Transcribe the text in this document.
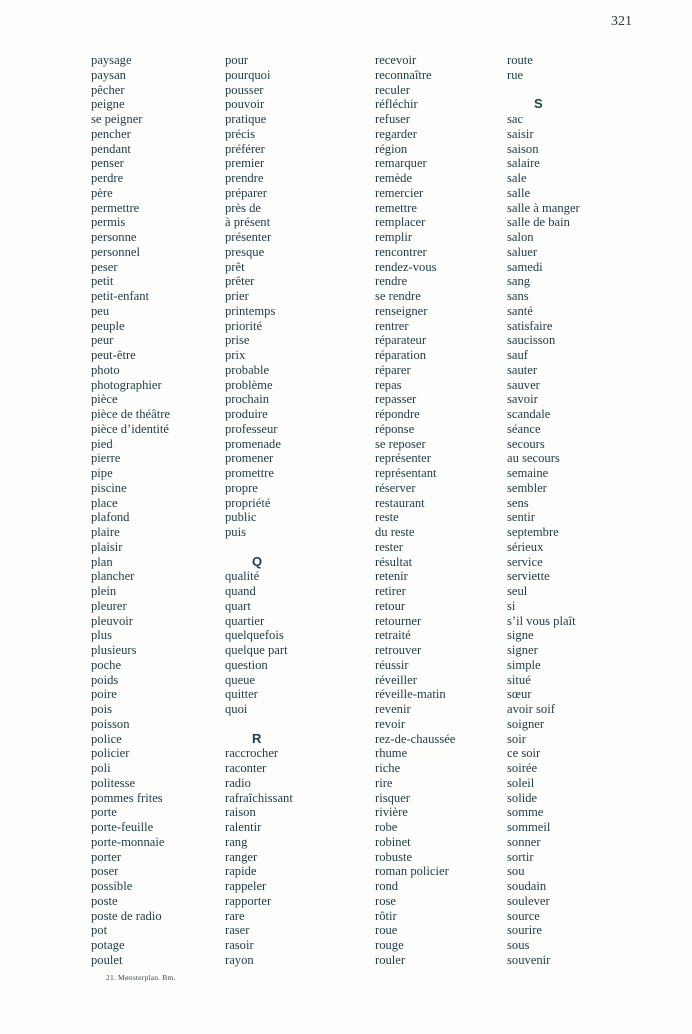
321
paysage
paysan
pêcher
peigne
se peigner
pencher
pendant
penser
perdre
père
permettre
permis
personne
personnel
peser
petit
petit-enfant
peu
peuple
peur
peut-être
photo
photographier
pièce
pièce de théâtre
pièce d’identité
pied
pierre
pipe
piscine
place
plafond
plaire
plaisir
plan
plancher
plein
pleurer
pleuvoir
plus
plusieurs
poche
poids
poire
pois
poisson
police
policier
poli
politesse
pommes frites
porte
porte-feuille
porte-monnaie
porter
poser
possible
poste
poste de radio
pot
potage
poulet
pour
pourquoi
pousser
pouvoir
pratique
précis
préférer
premier
prendre
préparer
près de
à présent
présenter
presque
prêt
prêter
prier
printemps
priorité
prise
prix
probable
problème
prochain
produire
professeur
promenade
promener
promettre
propre
propriété
public
puis
Q
qualité
quand
quart
quartier
quelquefois
quelque part
question
queue
quitter
quoi
R
raccrocher
raconter
radio
rafraîchissant
raison
ralentir
rang
ranger
rapide
rappeler
rapporter
rare
raser
rasoir
rayon
recevoir
reconnaître
reculer
réfléchir
refuser
regarder
région
remarquer
remède
remercier
remettre
remplacer
remplir
rencontrer
rendez-vous
rendre
se rendre
renseigner
rentrer
réparateur
réparation
réparer
repas
repasser
répondre
réponse
se reposer
représenter
représentant
réserver
restaurant
reste
du reste
rester
résultat
retenir
retirer
retour
retourner
retraité
retrouver
réussir
réveiller
réveille-matin
revenir
revoir
rez-de-chaussée
rhume
riche
rire
risquer
rivière
robe
robinet
robuste
roman policier
rond
rose
rôtir
roue
rouge
rouler
route
rue
S
sac
saisir
saison
salaire
sale
salle
salle à manger
salle de bain
salon
saluer
samedi
sang
sans
santé
satisfaire
saucisson
sauf
sauter
sauver
savoir
scandale
séance
secours
au secours
semaine
sembler
sens
sentir
septembre
sérieux
service
serviette
seul
si
s’il vous plaît
signe
signer
simple
situé
sœur
avoir soif
soigner
soir
ce soir
soirée
soleil
solide
somme
sommeil
sonner
sortir
sou
soudain
soulever
source
sourire
sous
souvenir
21. Mønsterplan. Bm.
